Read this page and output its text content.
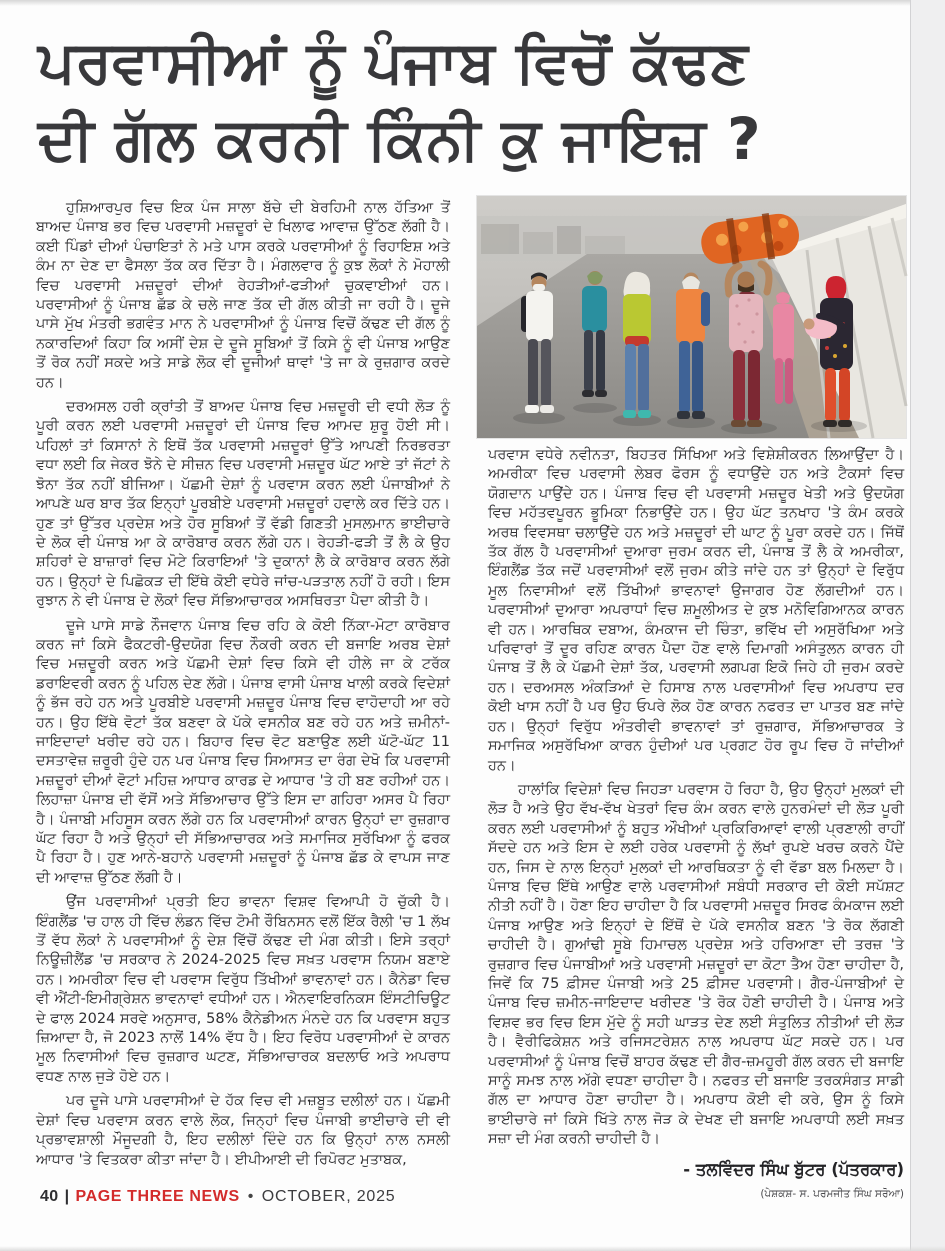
ਪਰਵਾਸੀਆਂ ਨੂੰ ਪੰਜਾਬ ਵਿਚੋਂ ਕੱਢਣ
ਦੀ ਗੱਲ ਕਰਨੀ ਕਿੰਨੀ ਕੁ ਜਾਇਜ਼ ?

ਹੁਸ਼ਿਆਰਪੁਰ ਵਿਚ ਇਕ ਪੰਜ ਸਾਲਾ ਬੱਚੇ ਦੀ ਬੇਰਹਿਮੀ ਨਾਲ ਹੱਤਿਆ ਤੋਂ ਬਾਅਦ ਪੰਜਾਬ ਭਰ ਵਿਚ ਪਰਵਾਸੀ ਮਜ਼ਦੂਰਾਂ ਦੇ ਖਿਲਾਫ ਆਵਾਜ਼ ਉੱਠਣ ਲੱਗੀ ਹੈ। ਕਈ ਪਿੰਡਾਂ ਦੀਆਂ ਪੰਚਾਇਤਾਂ ਨੇ ਮਤੇ ਪਾਸ ਕਰਕੇ ਪਰਵਾਸੀਆਂ ਨੂੰ ਰਿਹਾਇਸ਼ ਅਤੇ ਕੰਮ ਨਾ ਦੇਣ ਦਾ ਫੈਸਲਾ ਤੱਕ ਕਰ ਦਿੱਤਾ ਹੈ। ਮੰਗਲਵਾਰ ਨੂੰ ਕੁਝ ਲੋਕਾਂ ਨੇ ਮੋਹਾਲੀ ਵਿਚ ਪਰਵਾਸੀ ਮਜ਼ਦੂਰਾਂ ਦੀਆਂ ਰੇਹੜੀਆਂ-ਫੜੀਆਂ ਚੁਕਵਾਈਆਂ ਹਨ। ਪਰਵਾਸੀਆਂ ਨੂੰ ਪੰਜਾਬ ਛੱਡ ਕੇ ਚਲੇ ਜਾਣ ਤੱਕ ਦੀ ਗੱਲ ਕੀਤੀ ਜਾ ਰਹੀ ਹੈ। ਦੂਜੇ ਪਾਸੇ ਮੁੱਖ ਮੰਤਰੀ ਭਗਵੰਤ ਮਾਨ ਨੇ ਪਰਵਾਸੀਆਂ ਨੂੰ ਪੰਜਾਬ ਵਿਚੋਂ ਕੱਢਣ ਦੀ ਗੱਲ ਨੂੰ ਨਕਾਰਦਿਆਂ ਕਿਹਾ ਕਿ ਅਸੀਂ ਦੇਸ਼ ਦੇ ਦੂਜੇ ਸੂਬਿਆਂ ਤੋਂ ਕਿਸੇ ਨੂੰ ਵੀ ਪੰਜਾਬ ਆਉਣ ਤੋਂ ਰੋਕ ਨਹੀਂ ਸਕਦੇ ਅਤੇ ਸਾਡੇ ਲੋਕ ਵੀ ਦੂਜੀਆਂ ਥਾਵਾਂ 'ਤੇ ਜਾ ਕੇ ਰੁਜ਼ਗਾਰ ਕਰਦੇ ਹਨ।

ਦਰਅਸਲ ਹਰੀ ਕ੍ਰਾਂਤੀ ਤੋਂ ਬਾਅਦ ਪੰਜਾਬ ਵਿਚ ਮਜ਼ਦੂਰੀ ਦੀ ਵਧੀ ਲੋੜ ਨੂੰ ਪੂਰੀ ਕਰਨ ਲਈ ਪਰਵਾਸੀ ਮਜ਼ਦੂਰਾਂ ਦੀ ਪੰਜਾਬ ਵਿਚ ਆਮਦ ਸ਼ੁਰੂ ਹੋਈ ਸੀ। ਪਹਿਲਾਂ ਤਾਂ ਕਿਸਾਨਾਂ ਨੇ ਇਥੋਂ ਤੱਕ ਪਰਵਾਸੀ ਮਜ਼ਦੂਰਾਂ ਉੱਤੇ ਆਪਣੀ ਨਿਰਭਰਤਾ ਵਧਾ ਲਈ ਕਿ ਜੇਕਰ ਝੋਨੇ ਦੇ ਸੀਜ਼ਨ ਵਿਚ ਪਰਵਾਸੀ ਮਜ਼ਦੂਰ ਘੱਟ ਆਏ ਤਾਂ ਜੱਟਾਂ ਨੇ ਝੋਨਾ ਤੱਕ ਨਹੀਂ ਬੀਜਿਆ। ਪੱਛਮੀ ਦੇਸ਼ਾਂ ਨੂੰ ਪਰਵਾਸ ਕਰਨ ਲਈ ਪੰਜਾਬੀਆਂ ਨੇ ਆਪਣੇ ਘਰ ਬਾਰ ਤੱਕ ਇਨ੍ਹਾਂ ਪੂਰਬੀਏ ਪਰਵਾਸੀ ਮਜ਼ਦੂਰਾਂ ਹਵਾਲੇ ਕਰ ਦਿੱਤੇ ਹਨ। ਹੁਣ ਤਾਂ ਉੱਤਰ ਪ੍ਰਦੇਸ਼ ਅਤੇ ਹੋਰ ਸੂਬਿਆਂ ਤੋਂ ਵੱਡੀ ਗਿਣਤੀ ਮੁਸਲਮਾਨ ਭਾਈਚਾਰੇ ਦੇ ਲੋਕ ਵੀ ਪੰਜਾਬ ਆ ਕੇ ਕਾਰੋਬਾਰ ਕਰਨ ਲੱਗੇ ਹਨ। ਰੇਹੜੀ-ਫੜੀ ਤੋਂ ਲੈ ਕੇ ਉਹ ਸ਼ਹਿਰਾਂ ਦੇ ਬਾਜ਼ਾਰਾਂ ਵਿਚ ਮੋਟੇ ਕਿਰਾਇਆਂ 'ਤੇ ਦੁਕਾਨਾਂ ਲੈ ਕੇ ਕਾਰੋਬਾਰ ਕਰਨ ਲੱਗੇ ਹਨ। ਉਨ੍ਹਾਂ ਦੇ ਪਿਛੋਕੜ ਦੀ ਇੱਥੇ ਕੋਈ ਵਧੇਰੇ ਜਾਂਚ-ਪੜਤਾਲ ਨਹੀਂ ਹੋ ਰਹੀ। ਇਸ ਰੁਝਾਨ ਨੇ ਵੀ ਪੰਜਾਬ ਦੇ ਲੋਕਾਂ ਵਿਚ ਸੱਭਿਆਚਾਰਕ ਅਸਥਿਰਤਾ ਪੈਦਾ ਕੀਤੀ ਹੈ।

ਦੂਜੇ ਪਾਸੇ ਸਾਡੇ ਨੌਜਵਾਨ ਪੰਜਾਬ ਵਿਚ ਰਹਿ ਕੇ ਕੋਈ ਨਿੱਕਾ-ਮੋਟਾ ਕਾਰੋਬਾਰ ਕਰਨ ਜਾਂ ਕਿਸੇ ਫੈਕਟਰੀ-ਉਦਯੋਗ ਵਿਚ ਨੌਕਰੀ ਕਰਨ ਦੀ ਬਜਾਇ ਅਰਬ ਦੇਸ਼ਾਂ ਵਿਚ ਮਜ਼ਦੂਰੀ ਕਰਨ ਅਤੇ ਪੱਛਮੀ ਦੇਸ਼ਾਂ ਵਿਚ ਕਿਸੇ ਵੀ ਹੀਲੇ ਜਾ ਕੇ ਟਰੱਕ ਡਰਾਇਵਰੀ ਕਰਨ ਨੂੰ ਪਹਿਲ ਦੇਣ ਲੱਗੇ। ਪੰਜਾਬ ਵਾਸੀ ਪੰਜਾਬ ਖਾਲੀ ਕਰਕੇ ਵਿਦੇਸ਼ਾਂ ਨੂੰ ਭੱਜ ਰਹੇ ਹਨ ਅਤੇ ਪੂਰਬੀਏ ਪਰਵਾਸੀ ਮਜ਼ਦੂਰ ਪੰਜਾਬ ਵਿਚ ਵਾਹੋਦਾਹੀ ਆ ਰਹੇ ਹਨ। ਉਹ ਇੱਥੇ ਵੋਟਾਂ ਤੱਕ ਬਣਵਾ ਕੇ ਪੱਕੇ ਵਸਨੀਕ ਬਣ ਰਹੇ ਹਨ ਅਤੇ ਜ਼ਮੀਨਾਂ-ਜਾਇਦਾਦਾਂ ਖਰੀਦ ਰਹੇ ਹਨ। ਬਿਹਾਰ ਵਿਚ ਵੋਟ ਬਣਾਉਣ ਲਈ ਘੱਟੋ-ਘੱਟ 11 ਦਸਤਾਵੇਜ਼ ਜ਼ਰੂਰੀ ਹੁੰਦੇ ਹਨ ਪਰ ਪੰਜਾਬ ਵਿਚ ਸਿਆਸਤ ਦਾ ਰੰਗ ਦੇਖੋ ਕਿ ਪਰਵਾਸੀ ਮਜ਼ਦੂਰਾਂ ਦੀਆਂ ਵੋਟਾਂ ਮਹਿਜ਼ ਆਧਾਰ ਕਾਰਡ ਦੇ ਆਧਾਰ 'ਤੇ ਹੀ ਬਣ ਰਹੀਆਂ ਹਨ। ਲਿਹਾਜ਼ਾ ਪੰਜਾਬ ਦੀ ਵੱਸੋਂ ਅਤੇ ਸੱਭਿਆਚਾਰ ਉੱਤੇ ਇਸ ਦਾ ਗਹਿਰਾ ਅਸਰ ਪੈ ਰਿਹਾ ਹੈ। ਪੰਜਾਬੀ ਮਹਿਸੂਸ ਕਰਨ ਲੱਗੇ ਹਨ ਕਿ ਪਰਵਾਸੀਆਂ ਕਾਰਨ ਉਨ੍ਹਾਂ ਦਾ ਰੁਜ਼ਗਾਰ ਘੱਟ ਰਿਹਾ ਹੈ ਅਤੇ ਉਨ੍ਹਾਂ ਦੀ ਸੱਭਿਆਚਾਰਕ ਅਤੇ ਸਮਾਜਿਕ ਸੁਰੱਖਿਆ ਨੂੰ ਫਰਕ ਪੈ ਰਿਹਾ ਹੈ। ਹੁਣ ਆਨੇ-ਬਹਾਨੇ ਪਰਵਾਸੀ ਮਜ਼ਦੂਰਾਂ ਨੂੰ ਪੰਜਾਬ ਛੱਡ ਕੇ ਵਾਪਸ ਜਾਣ ਦੀ ਆਵਾਜ਼ ਉੱਠਣ ਲੱਗੀ ਹੈ।

ਉਂਜ ਪਰਵਾਸੀਆਂ ਪ੍ਰਤੀ ਇਹ ਭਾਵਨਾ ਵਿਸ਼ਵ ਵਿਆਪੀ ਹੋ ਚੁੱਕੀ ਹੈ। ਇੰਗਲੈਂਡ 'ਚ ਹਾਲ ਹੀ ਵਿੱਚ ਲੰਡਨ ਵਿੱਚ ਟੋਮੀ ਰੌਬਿਨਸਨ ਵਲੋਂ ਇੱਕ ਰੈਲੀ 'ਚ 1 ਲੱਖ ਤੋਂ ਵੱਧ ਲੋਕਾਂ ਨੇ ਪਰਵਾਸੀਆਂ ਨੂੰ ਦੇਸ਼ ਵਿੱਚੋਂ ਕੱਢਣ ਦੀ ਮੰਗ ਕੀਤੀ। ਇਸੇ ਤਰ੍ਹਾਂ ਨਿਊਜ਼ੀਲੈਂਡ 'ਚ ਸਰਕਾਰ ਨੇ 2024-2025 ਵਿਚ ਸਖ਼ਤ ਪਰਵਾਸ ਨਿਯਮ ਬਣਾਏ ਹਨ। ਅਮਰੀਕਾ ਵਿਚ ਵੀ ਪਰਵਾਸ ਵਿਰੁੱਧ ਤਿੱਖੀਆਂ ਭਾਵਨਾਵਾਂ ਹਨ। ਕੈਨੇਡਾ ਵਿਚ ਵੀ ਐਂਟੀ-ਇਮੀਗ੍ਰੇਸ਼ਨ ਭਾਵਨਾਵਾਂ ਵਧੀਆਂ ਹਨ। ਐਨਵਾਇਰਨਿਕਸ ਇੰਸਟੀਚਿਊਟ ਦੇ ਫਾਲ 2024 ਸਰਵੇ ਅਨੁਸਾਰ, 58% ਕੈਨੇਡੀਅਨ ਮੰਨਦੇ ਹਨ ਕਿ ਪਰਵਾਸ ਬਹੁਤ ਜ਼ਿਆਦਾ ਹੈ, ਜੋ 2023 ਨਾਲੋਂ 14% ਵੱਧ ਹੈ। ਇਹ ਵਿਰੋਧ ਪਰਵਾਸੀਆਂ ਦੇ ਕਾਰਨ ਮੂਲ ਨਿਵਾਸੀਆਂ ਵਿਚ ਰੁਜ਼ਗਾਰ ਘਟਣ, ਸੱਭਿਆਚਾਰਕ ਬਦਲਾਓ ਅਤੇ ਅਪਰਾਧ ਵਧਣ ਨਾਲ ਜੁੜੇ ਹੋਏ ਹਨ।

ਪਰ ਦੂਜੇ ਪਾਸੇ ਪਰਵਾਸੀਆਂ ਦੇ ਹੱਕ ਵਿਚ ਵੀ ਮਜ਼ਬੂਤ ਦਲੀਲਾਂ ਹਨ। ਪੱਛਮੀ ਦੇਸ਼ਾਂ ਵਿਚ ਪਰਵਾਸ ਕਰਨ ਵਾਲੇ ਲੋਕ, ਜਿਨ੍ਹਾਂ ਵਿਚ ਪੰਜਾਬੀ ਭਾਈਚਾਰੇ ਦੀ ਵੀ ਪ੍ਰਭਾਵਸ਼ਾਲੀ ਮੌਜੂਦਗੀ ਹੈ, ਇਹ ਦਲੀਲਾਂ ਦਿੰਦੇ ਹਨ ਕਿ ਉਨ੍ਹਾਂ ਨਾਲ ਨਸਲੀ ਆਧਾਰ 'ਤੇ ਵਿਤਕਰਾ ਕੀਤਾ ਜਾਂਦਾ ਹੈ। ਈਪੀਆਈ ਦੀ ਰਿਪੋਰਟ ਮੁਤਾਬਕ,

ਪਰਵਾਸ ਵਧੇਰੇ ਨਵੀਨਤਾ, ਬਿਹਤਰ ਸਿੱਖਿਆ ਅਤੇ ਵਿਸ਼ੇਸ਼ੀਕਰਨ ਲਿਆਉਂਦਾ ਹੈ। ਅਮਰੀਕਾ ਵਿਚ ਪਰਵਾਸੀ ਲੇਬਰ ਫੋਰਸ ਨੂੰ ਵਧਾਉਂਦੇ ਹਨ ਅਤੇ ਟੈਕਸਾਂ ਵਿਚ ਯੋਗਦਾਨ ਪਾਉਂਦੇ ਹਨ। ਪੰਜਾਬ ਵਿਚ ਵੀ ਪਰਵਾਸੀ ਮਜ਼ਦੂਰ ਖੇਤੀ ਅਤੇ ਉਦਯੋਗ ਵਿਚ ਮਹੱਤਵਪੂਰਨ ਭੂਮਿਕਾ ਨਿਭਾਉਂਦੇ ਹਨ। ਉਹ ਘੱਟ ਤਨਖਾਹ 'ਤੇ ਕੰਮ ਕਰਕੇ ਅਰਥ ਵਿਵਸਥਾ ਚਲਾਉਂਦੇ ਹਨ ਅਤੇ ਮਜ਼ਦੂਰਾਂ ਦੀ ਘਾਟ ਨੂੰ ਪੂਰਾ ਕਰਦੇ ਹਨ। ਜਿੱਥੋਂ ਤੱਕ ਗੱਲ ਹੈ ਪਰਵਾਸੀਆਂ ਦੁਆਰਾ ਜੁਰਮ ਕਰਨ ਦੀ, ਪੰਜਾਬ ਤੋਂ ਲੈ ਕੇ ਅਮਰੀਕਾ, ਇੰਗਲੈਂਡ ਤੱਕ ਜਦੋਂ ਪਰਵਾਸੀਆਂ ਵਲੋਂ ਜੁਰਮ ਕੀਤੇ ਜਾਂਦੇ ਹਨ ਤਾਂ ਉਨ੍ਹਾਂ ਦੇ ਵਿਰੁੱਧ ਮੂਲ ਨਿਵਾਸੀਆਂ ਵਲੋਂ ਤਿੱਖੀਆਂ ਭਾਵਨਾਵਾਂ ਉਜਾਗਰ ਹੋਣ ਲੱਗਦੀਆਂ ਹਨ। ਪਰਵਾਸੀਆਂ ਦੁਆਰਾ ਅਪਰਾਧਾਂ ਵਿਚ ਸ਼ਮੂਲੀਅਤ ਦੇ ਕੁਝ ਮਨੋਵਿਗਿਆਨਕ ਕਾਰਨ ਵੀ ਹਨ। ਆਰਥਿਕ ਦਬਾਅ, ਕੰਮਕਾਜ ਦੀ ਚਿੰਤਾ, ਭਵਿੱਖ ਦੀ ਅਸੁਰੱਖਿਆ ਅਤੇ ਪਰਿਵਾਰਾਂ ਤੋਂ ਦੂਰ ਰਹਿਣ ਕਾਰਨ ਪੈਦਾ ਹੋਣ ਵਾਲੇ ਦਿਮਾਗੀ ਅਸੰਤੁਲਨ ਕਾਰਨ ਹੀ ਪੰਜਾਬ ਤੋਂ ਲੈ ਕੇ ਪੱਛਮੀ ਦੇਸ਼ਾਂ ਤੱਕ, ਪਰਵਾਸੀ ਲਗਪਗ ਇਕੋ ਜਿਹੇ ਹੀ ਜੁਰਮ ਕਰਦੇ ਹਨ। ਦਰਅਸਲ ਅੰਕੜਿਆਂ ਦੇ ਹਿਸਾਬ ਨਾਲ ਪਰਵਾਸੀਆਂ ਵਿਚ ਅਪਰਾਧ ਦਰ ਕੋਈ ਖਾਸ ਨਹੀਂ ਹੈ ਪਰ ਉਹ ਓਪਰੇ ਲੋਕ ਹੋਣ ਕਾਰਨ ਨਫਰਤ ਦਾ ਪਾਤਰ ਬਣ ਜਾਂਦੇ ਹਨ। ਉਨ੍ਹਾਂ ਵਿਰੁੱਧ ਅੰਤਰੀਵੀ ਭਾਵਨਾਵਾਂ ਤਾਂ ਰੁਜ਼ਗਾਰ, ਸੱਭਿਆਚਾਰਕ ਤੇ ਸਮਾਜਿਕ ਅਸੁਰੱਖਿਆ ਕਾਰਨ ਹੁੰਦੀਆਂ ਪਰ ਪ੍ਰਗਟ ਹੋਰ ਰੂਪ ਵਿਚ ਹੋ ਜਾਂਦੀਆਂ ਹਨ।

ਹਾਲਾਂਕਿ ਵਿਦੇਸ਼ਾਂ ਵਿਚ ਜਿਹੜਾ ਪਰਵਾਸ ਹੋ ਰਿਹਾ ਹੈ, ਉਹ ਉਨ੍ਹਾਂ ਮੁਲਕਾਂ ਦੀ ਲੋੜ ਹੈ ਅਤੇ ਉਹ ਵੱਖ-ਵੱਖ ਖੇਤਰਾਂ ਵਿਚ ਕੰਮ ਕਰਨ ਵਾਲੇ ਹੁਨਰਮੰਦਾਂ ਦੀ ਲੋੜ ਪੂਰੀ ਕਰਨ ਲਈ ਪਰਵਾਸੀਆਂ ਨੂੰ ਬਹੁਤ ਔਖੀਆਂ ਪ੍ਰਕਿਰਿਆਵਾਂ ਵਾਲੀ ਪ੍ਰਣਾਲੀ ਰਾਹੀਂ ਸੱਦਦੇ ਹਨ ਅਤੇ ਇਸ ਦੇ ਲਈ ਹਰੇਕ ਪਰਵਾਸੀ ਨੂੰ ਲੱਖਾਂ ਰੁਪਏ ਖਰਚ ਕਰਨੇ ਪੈਂਦੇ ਹਨ, ਜਿਸ ਦੇ ਨਾਲ ਇਨ੍ਹਾਂ ਮੁਲਕਾਂ ਦੀ ਆਰਥਿਕਤਾ ਨੂੰ ਵੀ ਵੱਡਾ ਬਲ ਮਿਲਦਾ ਹੈ। ਪੰਜਾਬ ਵਿਚ ਇੱਥੇ ਆਉਣ ਵਾਲੇ ਪਰਵਾਸੀਆਂ ਸਬੰਧੀ ਸਰਕਾਰ ਦੀ ਕੋਈ ਸਪੱਸ਼ਟ ਨੀਤੀ ਨਹੀਂ ਹੈ। ਹੋਣਾ ਇਹ ਚਾਹੀਦਾ ਹੈ ਕਿ ਪਰਵਾਸੀ ਮਜ਼ਦੂਰ ਸਿਰਫ ਕੰਮਕਾਜ ਲਈ ਪੰਜਾਬ ਆਉਣ ਅਤੇ ਇਨ੍ਹਾਂ ਦੇ ਇੱਥੋਂ ਦੇ ਪੱਕੇ ਵਸਨੀਕ ਬਣਨ 'ਤੇ ਰੋਕ ਲੱਗਣੀ ਚਾਹੀਦੀ ਹੈ। ਗੁਆਂਢੀ ਸੂਬੇ ਹਿਮਾਚਲ ਪ੍ਰਦੇਸ਼ ਅਤੇ ਹਰਿਆਣਾ ਦੀ ਤਰਜ਼ 'ਤੇ ਰੁਜ਼ਗਾਰ ਵਿਚ ਪੰਜਾਬੀਆਂ ਅਤੇ ਪਰਵਾਸੀ ਮਜ਼ਦੂਰਾਂ ਦਾ ਕੋਟਾ ਤੈਅ ਹੋਣਾ ਚਾਹੀਦਾ ਹੈ, ਜਿਵੇਂ ਕਿ 75 ਫ਼ੀਸਦ ਪੰਜਾਬੀ ਅਤੇ 25 ਫ਼ੀਸਦ ਪਰਵਾਸੀ। ਗੈਰ-ਪੰਜਾਬੀਆਂ ਦੇ ਪੰਜਾਬ ਵਿਚ ਜ਼ਮੀਨ-ਜਾਇਦਾਦ ਖਰੀਦਣ 'ਤੇ ਰੋਕ ਹੋਣੀ ਚਾਹੀਦੀ ਹੈ। ਪੰਜਾਬ ਅਤੇ ਵਿਸ਼ਵ ਭਰ ਵਿਚ ਇਸ ਮੁੱਦੇ ਨੂੰ ਸਹੀ ਘਾੜਤ ਦੇਣ ਲਈ ਸੰਤੁਲਿਤ ਨੀਤੀਆਂ ਦੀ ਲੋੜ ਹੈ। ਵੈਰੀਫਿਕੇਸ਼ਨ ਅਤੇ ਰਜਿਸਟਰੇਸ਼ਨ ਨਾਲ ਅਪਰਾਧ ਘੱਟ ਸਕਦੇ ਹਨ। ਪਰ ਪਰਵਾਸੀਆਂ ਨੂੰ ਪੰਜਾਬ ਵਿਚੋਂ ਬਾਹਰ ਕੱਢਣ ਦੀ ਗੈਰ-ਜ਼ਮਹੂਰੀ ਗੱਲ ਕਰਨ ਦੀ ਬਜਾਇ ਸਾਨੂੰ ਸਮਝ ਨਾਲ ਅੱਗੇ ਵਧਣਾ ਚਾਹੀਦਾ ਹੈ। ਨਫਰਤ ਦੀ ਬਜਾਇ ਤਰਕਸੰਗਤ ਸਾਡੀ ਗੱਲ ਦਾ ਆਧਾਰ ਹੋਣਾ ਚਾਹੀਦਾ ਹੈ। ਅਪਰਾਧ ਕੋਈ ਵੀ ਕਰੇ, ਉਸ ਨੂੰ ਕਿਸੇ ਭਾਈਚਾਰੇ ਜਾਂ ਕਿਸੇ ਖਿੱਤੇ ਨਾਲ ਜੋੜ ਕੇ ਦੇਖਣ ਦੀ ਬਜਾਇ ਅਪਰਾਧੀ ਲਈ ਸਖ਼ਤ ਸਜ਼ਾ ਦੀ ਮੰਗ ਕਰਨੀ ਚਾਹੀਦੀ ਹੈ।

- ਤਲਵਿੰਦਰ ਸਿੰਘ ਬੁੱਟਰ (ਪੱਤਰਕਾਰ)

(ਪੇਸ਼ਕਸ਼- ਸ. ਪਰਮਜੀਤ ਸਿੰਘ ਸਰੋਆ)

40 | PAGE THREE NEWS • OCTOBER, 2025
